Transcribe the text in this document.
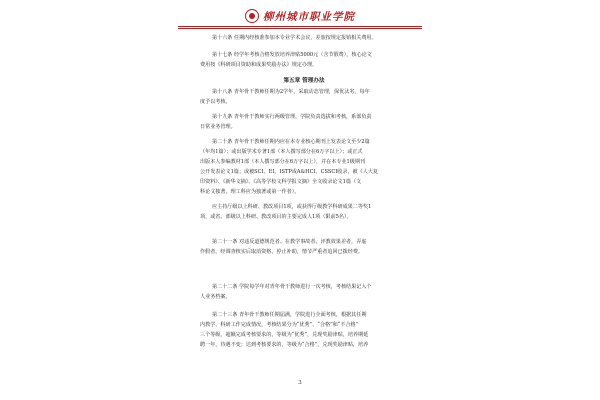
柳州城市职业学院
第十六条 任期内经核准参加本专业学术会议，差旅按规定报销相关费用。
第十七条 经学年考核合格发放培养津贴5000元（含节假费），核心论文
费用按《科研项目资助和成果奖励办法》规定办理。
第五章 管理办法
第十八条 青年骨干教师任期为2学年，采取动态管理，保优汰劣，每年
度予以考核。
第十九条 青年骨干教师实行两级管理，学院负责选拔和考核，系部负责
日常业务管理。
第二十条 青年骨干教师任期内应在本专业核心期刊上发表论文至少2篇
（年均1篇）；或出版学术专著1部（本人撰写部分在6万字以上）；或正式
出版本人参编教材1部（本人撰写部分在6万字以上），并在本专业1级期刊
公开发表论文1篇；或被SCI、EI、ISTP或A&HCI、CSSCI收录，被《人大复
印资料》、《新华文摘》、《高等学校文科学报文摘》全文收录论文1篇（文
科论文独著，理工科应为独著或第一作者）。
应主持厅级以上科研、教改项目1项，或获得厅级教学科研成果二等奖1
项，或省、部级以上科研、教改项目的主要完成人1项（限前5名）。
第二十一条 对违反道德规范者、在教学事故者、评教效果差者，弄虚
作假者，经调查核实后取消资格，停止补助，情节严重者追回已拨经费。
第二十二条 学院每学年对青年骨干教师进行一次考核，考核结果记入个
人业务档案。
第二十三条 青年骨干教师任期届满，学院进行全面考核，根据其任期
内教学、科研工作完成情况，考核结果分为“优秀”、“合格”和“不合格”
三个等级，超额完成考核要求的，等级为“优秀”，兑现奖励津贴，培养期延
聘一年，待遇不变；达到考核要求的，等级为“合格”，兑现奖励津贴，培养
3
